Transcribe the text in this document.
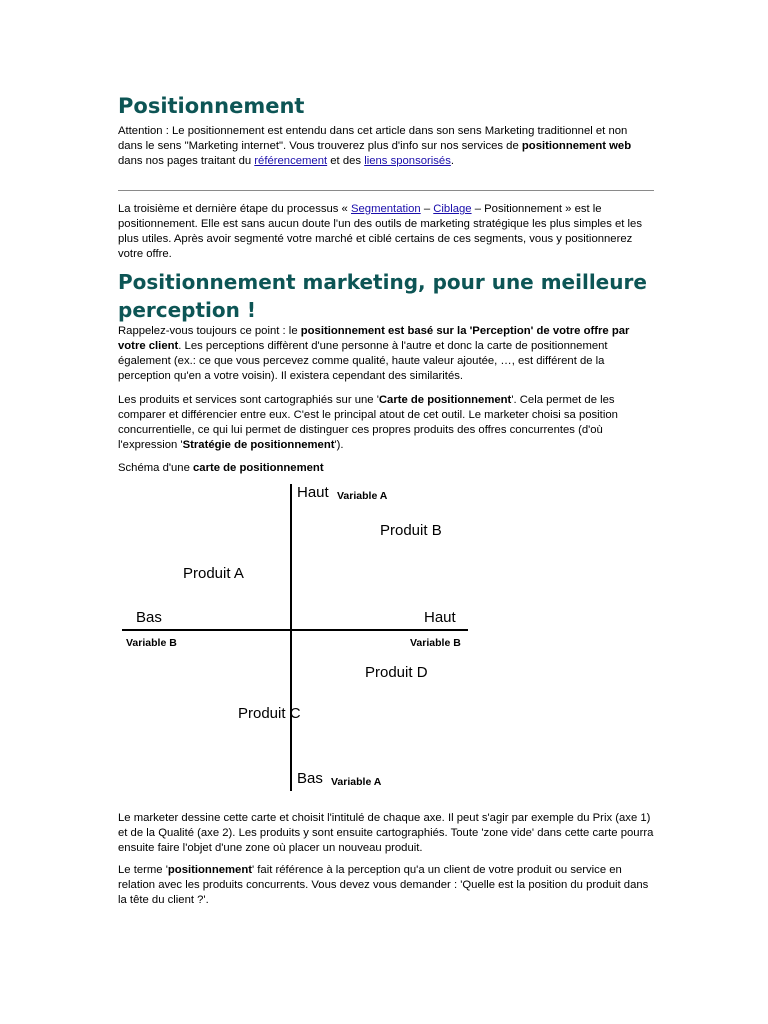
Positionnement

Attention : Le positionnement est entendu dans cet article dans son sens Marketing traditionnel et non dans le sens "Marketing internet". Vous trouverez plus d'info sur nos services de positionnement web dans nos pages traitant du référencement et des liens sponsorisés.

La troisième et dernière étape du processus « Segmentation – Ciblage – Positionnement » est le positionnement. Elle est sans aucun doute l'un des outils de marketing stratégique les plus simples et les plus utiles. Après avoir segmenté votre marché et ciblé certains de ces segments, vous y positionnerez votre offre.

Positionnement marketing, pour une meilleure perception !

Rappelez-vous toujours ce point : le positionnement est basé sur la 'Perception' de votre offre par votre client. Les perceptions diffèrent d'une personne à l'autre et donc la carte de positionnement également (ex.: ce que vous percevez comme qualité, haute valeur ajoutée, …, est différent de la perception qu'en a votre voisin). Il existera cependant des similarités.

Les produits et services sont cartographiés sur une 'Carte de positionnement'. Cela permet de les comparer et différencier entre eux. C'est le principal atout de cet outil. Le marketer choisi sa position concurrentielle, ce qui lui permet de distinguer ces propres produits des offres concurrentes (d'où l'expression 'Stratégie de positionnement').

Schéma d'une carte de positionnement

Haut Variable A
Bas Variable A
Bas
Variable B
Haut
Variable B
Produit A
Produit B
Produit C
Produit D

Le marketer dessine cette carte et choisit l'intitulé de chaque axe. Il peut s'agir par exemple du Prix (axe 1) et de la Qualité (axe 2). Les produits y sont ensuite cartographiés. Toute 'zone vide' dans cette carte pourra ensuite faire l'objet d'une zone où placer un nouveau produit.

Le terme 'positionnement' fait référence à la perception qu'a un client de votre produit ou service en relation avec les produits concurrents. Vous devez vous demander : 'Quelle est la position du produit dans la tête du client ?'.
